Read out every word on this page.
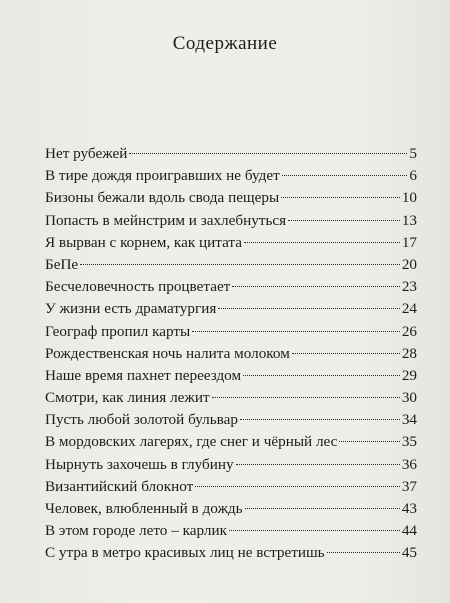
Содержание
Нет рубежей	5
В тире дождя проигравших не будет	6
Бизоны бежали вдоль свода пещеры	10
Попасть в мейнстрим и захлебнуться	13
Я вырван с корнем, как цитата	17
БеПе	20
Бесчеловечность процветает	23
У жизни есть драматургия	24
Географ пропил карты	26
Рождественская ночь налита молоком	28
Наше время пахнет переездом	29
Смотри, как линия лежит	30
Пусть любой золотой бульвар	34
В мордовских лагерях, где снег и чёрный лес	35
Нырнуть захочешь в глубину	36
Византийский блокнот	37
Человек, влюбленный в дождь	43
В этом городе лето – карлик	44
С утра в метро красивых лиц не встретишь	45
